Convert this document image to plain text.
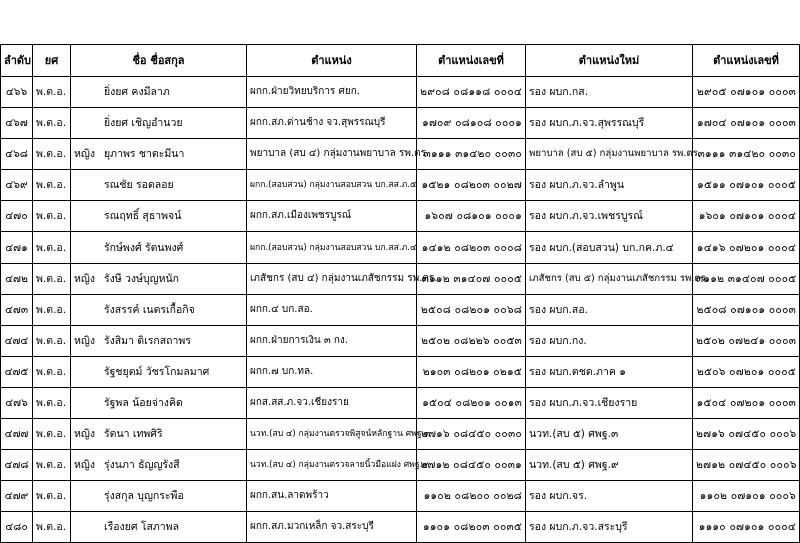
ลำดับ	ยศ	ชื่อ ชื่อสกุล	ตำแหน่ง	ตำแหน่งเลขที่	ตำแหน่งใหม่	ตำแหน่งเลขที่
๔๖๖	พ.ต.อ.	ยิ่งยศ คงมีลาภ	ผกก.ฝ่ายวิทยบริการ ศยก.	๒๙๐๘ ๐๘๑๑๘ ๐๐๐๔	รอง ผบก.กส.	๒๙๐๕ ๐๗๑๐๑ ๐๐๐๓
๔๖๗	พ.ต.อ.	ยิ่งยศ เชิญอำนวย	ผกก.สภ.ด่านช้าง จว.สุพรรณบุรี	๑๗๐๙ ๐๘๑๐๘ ๐๐๐๑	รอง ผบก.ภ.จว.สุพรรณบุรี	๑๗๐๔ ๐๗๑๐๑ ๐๐๐๓
๔๖๘	พ.ต.อ.	หญิง ยุภาพร ชาตะมีนา	พยาบาล (สบ ๔) กลุ่มงานพยาบาล รพ.ตร.	๓๑๑๑ ๓๑๔๒๐ ๐๐๓๐	พยาบาล (สบ ๕) กลุ่มงานพยาบาล รพ.ตร.	๓๑๑๑ ๓๑๔๒๐ ๐๐๓๐
๔๖๙	พ.ต.อ.	รณชัย รอดลอย	ผกก.(สอบสวน) กลุ่มงานสอบสวน บก.สส.ภ.๕	๑๕๒๑ ๐๘๒๐๓ ๐๐๒๗	รอง ผบก.ภ.จว.ลำพูน	๑๕๑๑ ๐๗๑๐๑ ๐๐๐๕
๔๗๐	พ.ต.อ.	รณฤทธิ์ สุธาพจน์	ผกก.สภ.เมืองเพชรบูรณ์	๑๖๐๗ ๐๘๑๐๑ ๐๐๐๑	รอง ผบก.ภ.จว.เพชรบูรณ์	๑๖๐๑ ๐๗๑๐๑ ๐๐๐๔
๔๗๑	พ.ต.อ.	รักษ์พงศ์ รัตนพงศ์	ผกก.(สอบสวน) กลุ่มงานสอบสวน บก.สส.ภ.๔	๑๔๑๒ ๐๘๒๐๓ ๐๐๐๘	รอง ผบก.(สอบสวน) บก.กค.ภ.๔	๑๔๑๖ ๐๗๒๐๑ ๐๐๐๔
๔๗๒	พ.ต.อ.	หญิง รังษี วงษ์บุญหนัก	เภสัชกร (สบ ๔) กลุ่มงานเภสัชกรรม รพ.ตร.	๓๑๑๒ ๓๑๔๐๗ ๐๐๐๕	เภสัชกร (สบ ๕) กลุ่มงานเภสัชกรรม รพ.ตร.	๓๑๑๒ ๓๑๔๐๗ ๐๐๐๕
๔๗๓	พ.ต.อ.	รังสรรค์ เนตรเกื้อกิจ	ผกก.๔ บก.สอ.	๒๕๐๘ ๐๘๒๐๑ ๐๐๖๘	รอง ผบก.สอ.	๒๕๐๘ ๐๗๑๐๑ ๐๐๐๓
๔๗๔	พ.ต.อ.	หญิง รังสิมา ดิเรกสถาพร	ผกก.ฝ่ายการเงิน ๓ กง.	๒๕๐๒ ๐๘๒๒๖ ๐๐๕๓	รอง ผบก.กง.	๒๕๐๒ ๐๗๒๔๑ ๐๐๐๓
๔๗๕	พ.ต.อ.	รัฐชยุตม์ วัชรโกมลมาศ	ผกก.๗ บก.ทล.	๒๑๐๓ ๐๘๒๐๑ ๐๒๑๕	รอง ผบก.ตชด.ภาค ๑	๒๕๐๖ ๐๗๒๐๑ ๐๐๐๕
๔๗๖	พ.ต.อ.	รัฐพล น้อยจ่างคิด	ผกส.สส.ภ.จว.เชียงราย	๑๕๐๔ ๐๘๒๐๑ ๐๐๑๓	รอง ผบก.ภ.จว.เชียงราย	๑๕๐๔ ๐๗๒๐๑ ๐๐๐๓
๔๗๗	พ.ต.อ.	หญิง รัตนา เทพศิริ	นวท.(สบ ๔) กลุ่มงานตรวจพิสูจน์หลักฐาน ศพฐ.๓	๒๗๑๖ ๐๘๔๕๐ ๐๐๓๐	นวท.(สบ ๕) ศพฐ.๓	๒๗๑๖ ๐๗๔๕๐ ๐๐๐๖
๔๗๘	พ.ต.อ.	หญิง รุ่งนภา ธัญญรังสี	นวท.(สบ ๔) กลุ่มงานตรวจลายนิ้วมือแฝง ศพฐ.๙	๒๗๑๒ ๐๘๔๕๐ ๐๐๓๑	นวท.(สบ ๕) ศพฐ.๙	๒๗๑๒ ๐๗๔๕๐ ๐๐๐๖
๔๗๙	พ.ต.อ.	รุ่งสกุล บุญกระพือ	ผกก.สน.ลาดพร้าว	๑๑๐๒ ๐๘๒๐๐ ๐๐๒๘	รอง ผบก.จร.	๑๑๐๒ ๐๗๑๐๑ ๐๐๐๖
๔๘๐	พ.ต.อ.	เรืองยศ โสภาพล	ผกก.สภ.มวกเหล็ก จว.สระบุรี	๑๑๐๑ ๐๘๒๐๓ ๐๐๓๕	รอง ผบก.ภ.จว.สระบุรี	๑๑๑๐ ๐๗๑๐๑ ๐๐๐๔
